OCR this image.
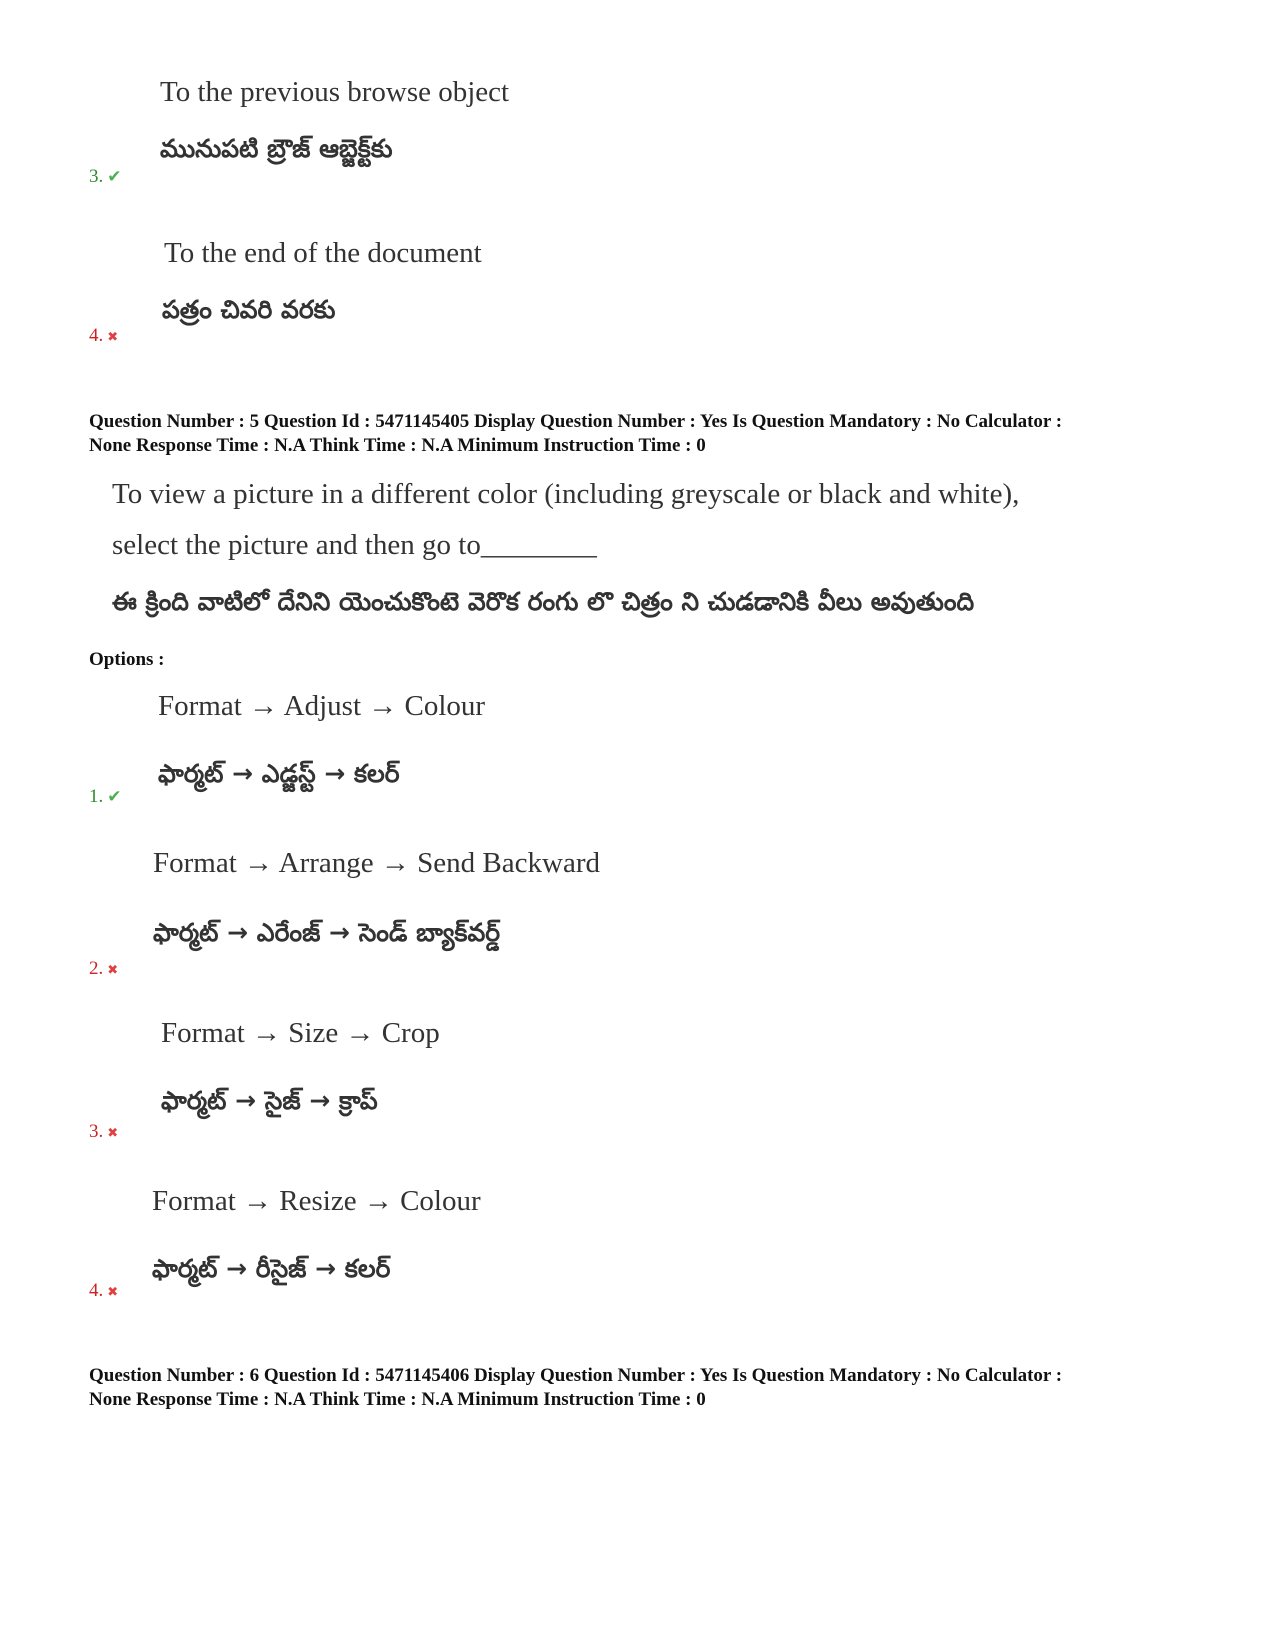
To the previous browse object
మునుపటి బ్రౌజ్ ఆబ్జెక్ట్‌కు
3. ✔
To the end of the document
పత్రం చివరి వరకు
4. ✖
Question Number : 5 Question Id : 5471145405 Display Question Number : Yes Is Question Mandatory : No Calculator :
None Response Time : N.A Think Time : N.A Minimum Instruction Time : 0
To view a picture in a different color (including greyscale or black and white),
select the picture and then go to________
ఈ క్రింది వాటిలో దేనిని యెంచుకొంటె వెరొక రంగు లొ చిత్రం ని చుడడానికి వీలు అవుతుంది
Options :
Format → Adjust → Colour
ఫార్మట్ → ఎడ్జస్ట్ → కలర్
1. ✔
Format → Arrange → Send Backward
ఫార్మట్ → ఎరేంజ్ → సెండ్ బ్యాక్‌వర్డ్
2. ✖
Format → Size → Crop
ఫార్మట్ → సైజ్ → క్రాప్
3. ✖
Format → Resize → Colour
ఫార్మట్ → రీసైజ్ → కలర్
4. ✖
Question Number : 6 Question Id : 5471145406 Display Question Number : Yes Is Question Mandatory : No Calculator :
None Response Time : N.A Think Time : N.A Minimum Instruction Time : 0
